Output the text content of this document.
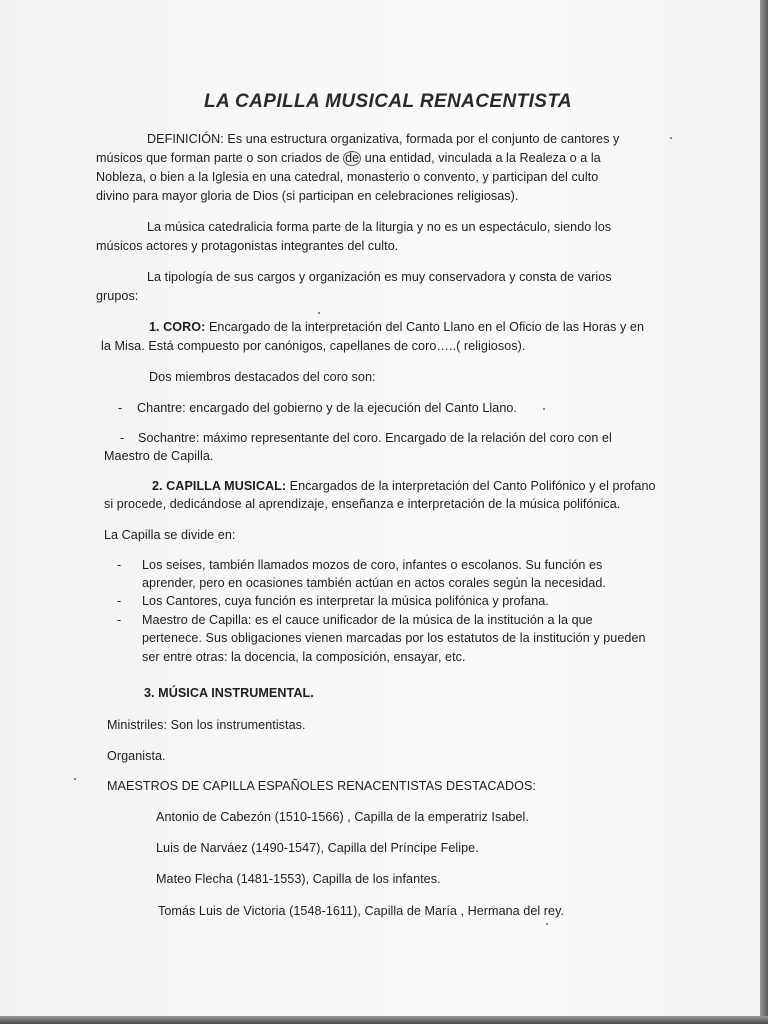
LA CAPILLA MUSICAL RENACENTISTA

DEFINICIÓN: Es una estructura organizativa, formada por el conjunto de cantores y

músicos que forman parte o son criados de de una entidad, vinculada a la Realeza o a la

Nobleza, o bien a la Iglesia en una catedral, monasterio o convento, y participan del culto

divino para mayor gloria de Dios (si participan en celebraciones religiosas).

La música catedralicia forma parte de la liturgia y no es un espectáculo, siendo los

músicos actores y protagonistas integrantes del culto.

La tipología de sus cargos y organización es muy conservadora y consta de varios

grupos:

1. CORO: Encargado de la interpretación del Canto Llano en el Oficio de las Horas y en

la Misa. Está compuesto por canónigos, capellanes de coro…..( religiosos).

Dos miembros destacados del coro son:

- Chantre: encargado del gobierno y de la ejecución del Canto Llano.

- Sochantre: máximo representante del coro. Encargado de la relación del coro con el

Maestro de Capilla.

2. CAPILLA MUSICAL: Encargados de la interpretación del Canto Polifónico y el profano

si procede, dedicándose al aprendizaje, enseñanza e interpretación de la música polifónica.

La Capilla se divide en:

- Los seises, también llamados mozos de coro, infantes o escolanos. Su función es

aprender, pero en ocasiones también actúan en actos corales según la necesidad.

- Los Cantores, cuya función es interpretar la música polifónica y profana.

- Maestro de Capilla: es el cauce unificador de la música de la institución a la que

pertenece. Sus obligaciones vienen marcadas por los estatutos de la institución y pueden

ser entre otras: la docencia, la composición, ensayar, etc.

3. MÚSICA INSTRUMENTAL.

Ministriles: Son los instrumentistas.

Organista.

MAESTROS DE CAPILLA ESPAÑOLES RENACENTISTAS DESTACADOS:

Antonio de Cabezón (1510-1566) , Capilla de la emperatriz Isabel.

Luis de Narváez (1490-1547), Capilla del Príncipe Felipe.

Mateo Flecha (1481-1553), Capilla de los infantes.

Tomás Luis de Victoria (1548-1611), Capilla de María , Hermana del rey.
